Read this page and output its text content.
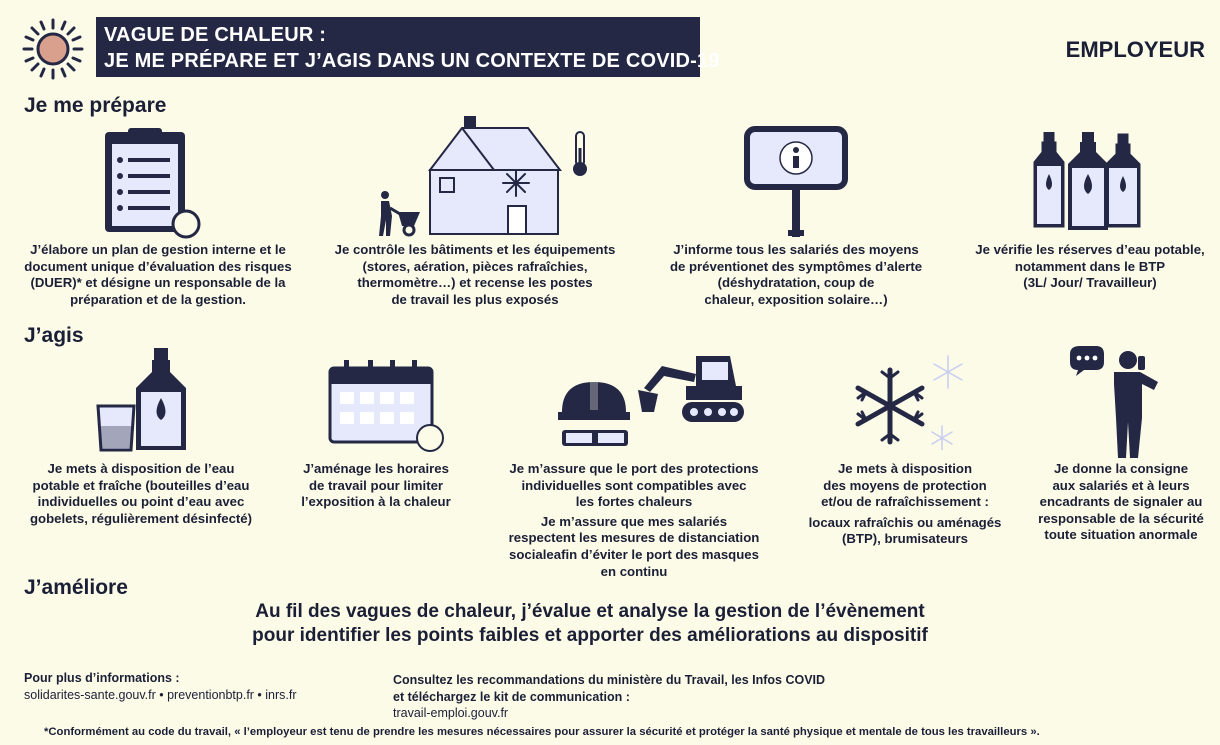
VAGUE DE CHALEUR :
JE ME PRÉPARE ET J’AGIS DANS UN CONTEXTE DE COVID-19	EMPLOYEUR
Je me prépare
J’élabore un plan de gestion interne et le
document unique d’évaluation des risques
(DUER)* et désigne un responsable de la
préparation et de la gestion.
Je contrôle les bâtiments et les équipements
(stores, aération, pièces rafraîchies,
thermomètre…) et recense les postes
de travail les plus exposés
J’informe tous les salariés des moyens
de préventionet des symptômes d’alerte
(déshydratation, coup de
chaleur, exposition solaire…)
Je vérifie les réserves d’eau potable,
notamment dans le BTP
(3L/ Jour/ Travailleur)
J’agis
Je mets à disposition de l’eau
potable et fraîche (bouteilles d’eau
individuelles ou point d’eau avec
gobelets, régulièrement désinfecté)
J’aménage les horaires
de travail pour limiter
l’exposition à la chaleur
Je m’assure que le port des protections
individuelles sont compatibles avec
les fortes chaleurs
Je m’assure que mes salariés
respectent les mesures de distanciation
socialeafin d’éviter le port des masques
en continu
Je mets à disposition
des moyens de protection
et/ou de rafraîchissement :
locaux rafraîchis ou aménagés
(BTP), brumisateurs
Je donne la consigne
aux salariés et à leurs
encadrants de signaler au
responsable de la sécurité
toute situation anormale
J’améliore
Au fil des vagues de chaleur, j’évalue et analyse la gestion de l’évènement
pour identifier les points faibles et apporter des améliorations au dispositif
Pour plus d’informations :
solidarites-sante.gouv.fr • preventionbtp.fr • inrs.fr
Consultez les recommandations du ministère du Travail, les Infos COVID
et téléchargez le kit de communication :
travail-emploi.gouv.fr
*Conformément au code du travail, « l’employeur est tenu de prendre les mesures nécessaires pour assurer la sécurité et protéger la santé physique et mentale de tous les travailleurs ».
